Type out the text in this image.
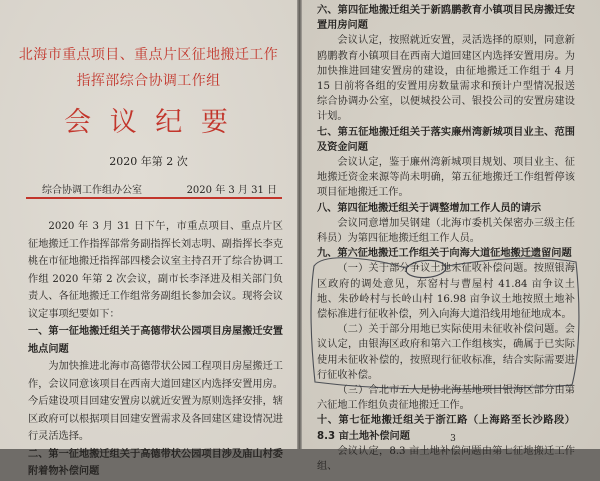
北海市重点项目、重点片区征地搬迁工作
指挥部综合协调工作组
会 议 纪 要
2020 年第 2 次
综合协调工作组办公室	2020 年 3 月 31 日

2020 年 3 月 31 日下午，市重点项目、重点片区征地搬迁工作指挥部常务副指挥长刘志明、副指挥长李克桃在市征地搬迁指挥部四楼会议室主持召开了综合协调工作组 2020 年第 2 次会议，副市长李泽进及相关部门负责人、各征地搬迁工作组常务副组长参加会议。现将会议议定事项纪要如下：

一、第一征地搬迁组关于高德带状公园项目房屋搬迁安置地点问题

为加快推进北海市高德带状公园工程项目房屋搬迁工作，会议同意该项目在西南大道回建区内选择安置用房。今后建设项目回建安置房以就近安置为原则选择安排，辖区政府可以根据项目回建安置需求及各回建区建设情况进行灵活选择。

二、第一征地搬迁组关于高德带状公园项目涉及庙山村委附着物补偿问题

六、第四征地搬迁组关于新鸥鹏教育小镇项目民房搬迁安置用房问题

会议认定，按照就近安置，灵活选择的原则，同意新鸥鹏教育小镇项目在西南大道回建区内选择安置用房。为加快推进回建安置房的建设，由征地搬迁工作组于 4 月 15 日前将各组的安置用房数量需求和预计户型情况报送综合协调办公室，以便城投公司、银投公司的安置房建设计划。

七、第五征地搬迁组关于落实廉州湾新城项目业主、范围及资金问题

会议认定，鉴于廉州湾新城项目规划、项目业主、征地搬迁资金来源等尚未明确，第五征地搬迁工作组暂停该项目征地搬迁工作。

八、第四征地搬迁组关于调整增加工作人员的请示

会议同意增加吴钢建（北海市委机关保密办三级主任科员）为第四征地搬迁组工作人员。

九、第六征地搬迁工作组关于向海大道征地搬迁遗留问题

（一）关于部分争议土地未征收补偿问题。按照银海区政府的调处意见，东窑村与曹屋村 41.84 亩争议土地、朱砂岭村与长岭山村 16.98 亩争议土地按照土地补偿标准进行征收补偿，列入向海大道沿线用地征地成本。

（二）关于部分用地已实际使用未征收补偿问题。会议认定，由银海区政府和第六工作组核实，确属于已实际使用未征收补偿的，按照现行征收标准，结合实际需要进行征收补偿。

（三）合北市五人足协北海基地项目银海区部分由第六征地工作组负责征地搬迁工作。

十、第七征地搬迁组关于浙江路（上海路至长沙路段）8.3 亩土地补偿问题

会议认定，8.3 亩土地补偿问题由第七征地搬迁工作组、

3
